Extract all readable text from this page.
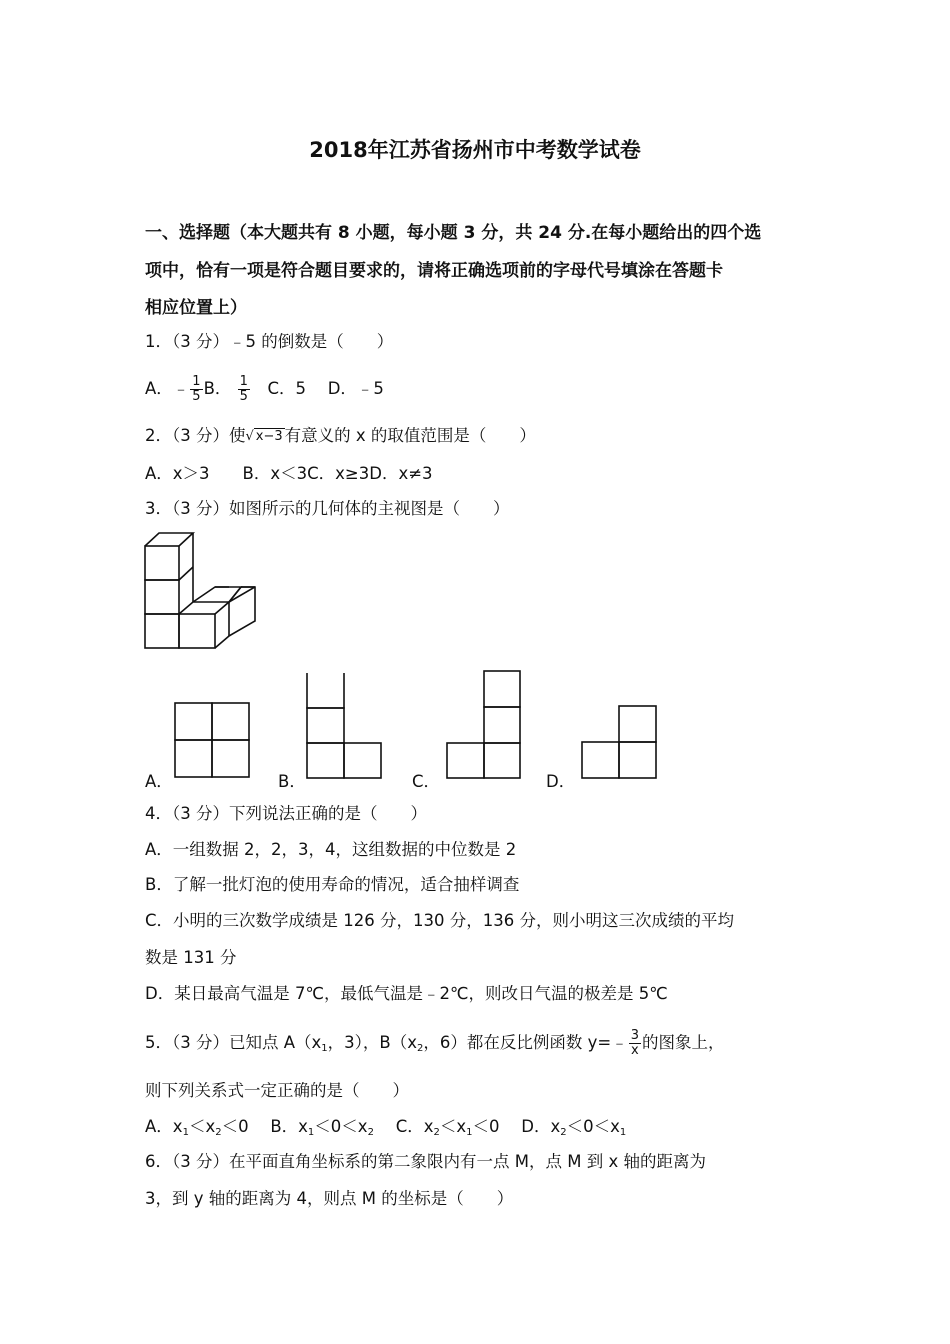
2018年江苏省扬州市中考数学试卷
一、选择题（本大题共有 8 小题，每小题 3 分，共 24 分.在每小题给出的四个选
项中，恰有一项是符合题目要求的，请将正确选项前的字母代号填涂在答题卡
相应位置上）
1．（3 分）﹣5 的倒数是（　　）
A．﹣ $\frac{1}{5}$ B． $\frac{1}{5}$
　 C．5　 D．﹣5
2．（3 分）使√ x−3 有意义的 x 的取值范围是（　　）
A．x＞3　　B．x＜3C．x≥3D．x≠3
3．（3 分）如图所示的几何体的主视图是（　　）
A．	B．	C．	D．
4．（3 分）下列说法正确的是（　　）
A．一组数据 2，2，3，4，这组数据的中位数是 2
B．了解一批灯泡的使用寿命的情况，适合抽样调查
C．小明的三次数学成绩是 126 分，130 分，136 分，则小明这三次成绩的平均
数是 131 分
D．某日最高气温是 7℃，最低气温是﹣2℃，则改日气温的极差是 5℃
5．（3 分）已知点 $A(x_1$，3），$B(x_2$，6）都在反比例函数 y=﹣ $\frac{3}{x}$ 的图象上，
则下列关系式一定正确的是（　　）
A．$x_1<x_2<0$　 B．$x_1<0<x_2$　 C．$x_2<x_1<0$　 D．$x_2<0<x_1$
6．（3 分）在平面直角坐标系的第二象限内有一点 M，点 M 到 x 轴的距离为
3，到 y 轴的距离为 4，则点 M 的坐标是（　　）
